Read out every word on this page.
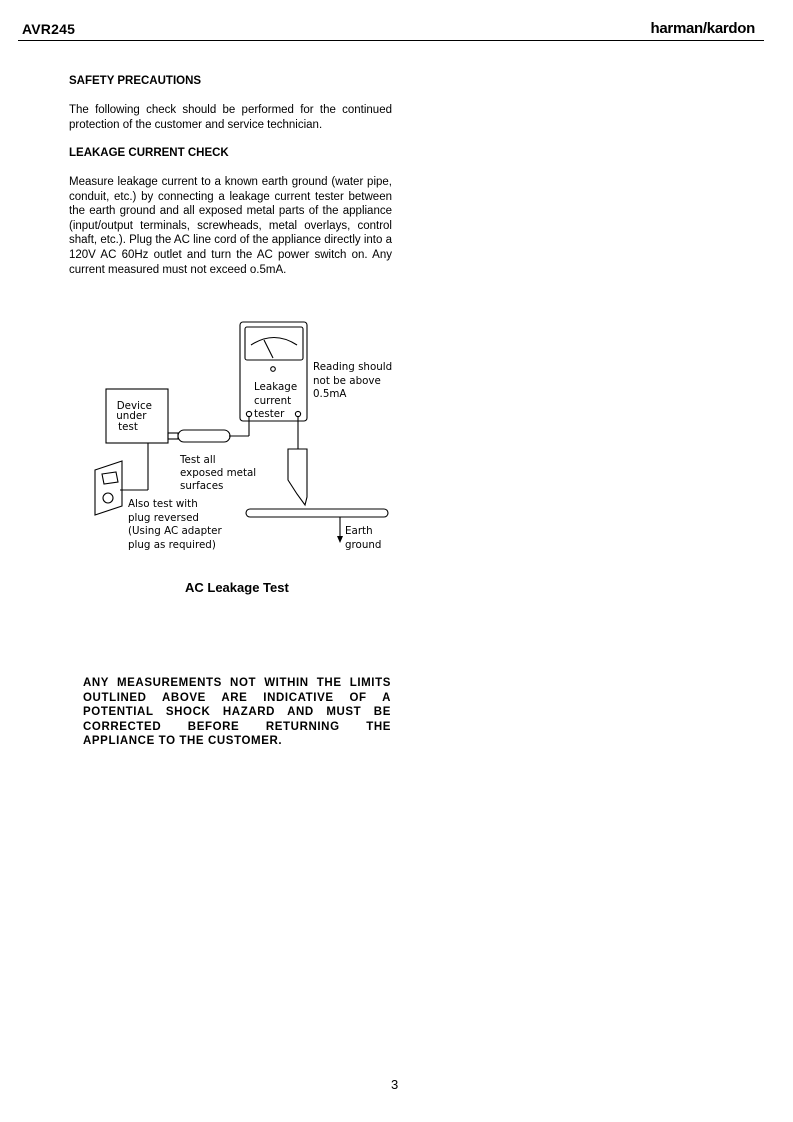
AVR245	harman/kardon
SAFETY PRECAUTIONS
The following check should be performed for the continued protection of the customer and service technician.
LEAKAGE CURRENT CHECK
Measure leakage current to a known earth ground (water pipe, conduit, etc.) by connecting a leakage current tester between the earth ground and all exposed metal parts of the appliance (input/output terminals, screwheads, metal overlays, control shaft, etc.). Plug the AC line cord of the appliance directly into a 120V AC 60Hz outlet and turn the AC power switch on. Any current measured must not exceed o.5mA.
Device under test
Leakage current tester
Reading should not be above 0.5mA
Test all exposed metal surfaces
Also test with plug reversed (Using AC adapter plug as required)
Earth ground
AC Leakage Test
ANY MEASUREMENTS NOT WITHIN THE LIMITS OUTLINED ABOVE ARE INDICATIVE OF A POTENTIAL SHOCK HAZARD AND MUST BE CORRECTED BEFORE RETURNING THE APPLIANCE TO THE CUSTOMER.
3
